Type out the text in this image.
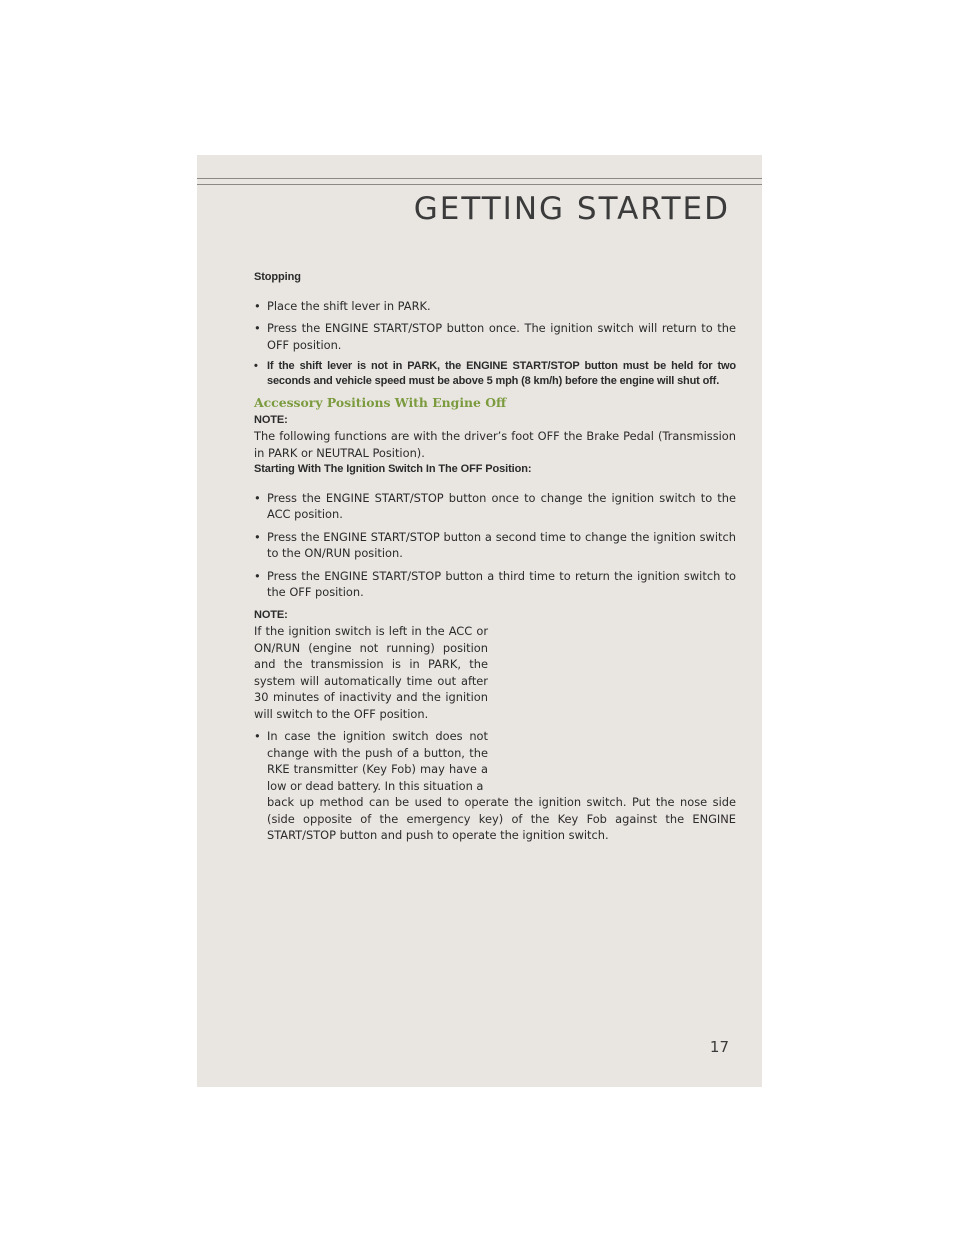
GETTING STARTED

Stopping

• Place the shift lever in PARK.
• Press the ENGINE START/STOP button once. The ignition switch will return to the OFF position.
• If the shift lever is not in PARK, the ENGINE START/STOP button must be held for two seconds and vehicle speed must be above 5 mph (8 km/h) before the engine will shut off.

Accessory Positions With Engine Off

NOTE:

The following functions are with the driver’s foot OFF the Brake Pedal (Transmission in PARK or NEUTRAL Position).

Starting With The Ignition Switch In The OFF Position:

• Press the ENGINE START/STOP button once to change the ignition switch to the ACC position.
• Press the ENGINE START/STOP button a second time to change the ignition switch to the ON/RUN position.
• Press the ENGINE START/STOP button a third time to return the ignition switch to the OFF position.

NOTE:

If the ignition switch is left in the ACC or ON/RUN (engine not running) position and the transmission is in PARK, the system will automatically time out after 30 minutes of inactivity and the ignition will switch to the OFF position.

• In case the ignition switch does not change with the push of a button, the RKE transmitter (Key Fob) may have a low or dead battery. In this situation a
back up method can be used to operate the ignition switch. Put the nose side (side opposite of the emergency key) of the Key Fob against the ENGINE START/STOP button and push to operate the ignition switch.
17
